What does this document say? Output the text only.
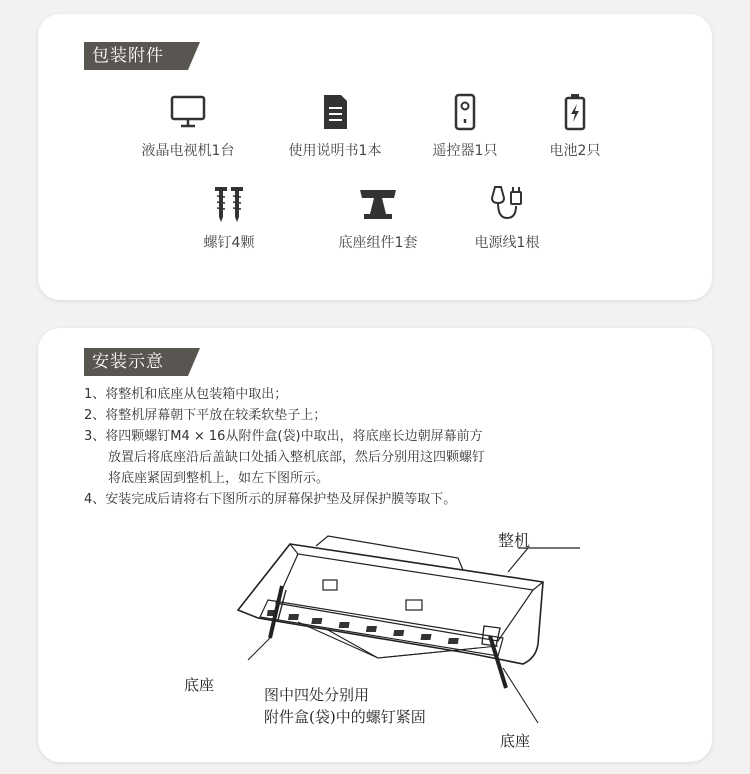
包装附件
液晶电视机1台	使用说明书1本	遥控器1只	电池2只
螺钉4颗	底座组件1套	电源线1根
安装示意
1、将整机和底座从包装箱中取出；
2、将整机屏幕朝下平放在较柔软垫子上；
3、将四颗螺钉M4 × 16从附件盒(袋)中取出，将底座长边朝屏幕前方
放置后将底座沿后盖缺口处插入整机底部，然后分别用这四颗螺钉
将底座紧固到整机上，如左下图所示。
4、安装完成后请将右下图所示的屏幕保护垫及屏保护膜等取下。
整机
底座
图中四处分别用
附件盒(袋)中的螺钉紧固
底座
